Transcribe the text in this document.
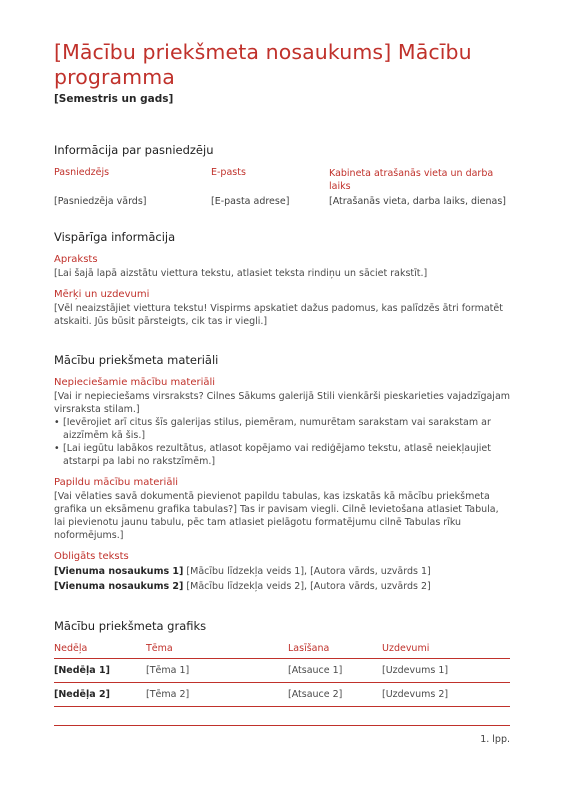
[Mācību priekšmeta nosaukums] Mācību programma
[Semestris un gads]
Informācija par pasniedzēju
Pasniedzējs	E-pasts	Kabineta atrašanās vieta un darba laiks
[Pasniedzēja vārds]	[E-pasta adrese]	[Atrašanās vieta, darba laiks, dienas]
Vispārīga informācija
Apraksts

[Lai šajā lapā aizstātu viettura tekstu, atlasiet teksta rindiņu un sāciet rakstīt.]

Mērķi un uzdevumi

[Vēl neaizstājiet viettura tekstu! Vispirms apskatiet dažus padomus, kas palīdzēs ātri formatēt atskaiti. Jūs būsit pārsteigts, cik tas ir viegli.]

Mācību priekšmeta materiāli
Nepieciešamie mācību materiāli

[Vai ir nepieciešams virsraksts? Cilnes Sākums galerijā Stili vienkārši pieskarieties vajadzīgajam virsraksta stilam.]

• [Ievērojiet arī citus šīs galerijas stilus, piemēram, numurētam sarakstam vai sarakstam ar aizzīmēm kā šis.]
• [Lai iegūtu labākos rezultātus, atlasot kopējamo vai rediģējamo tekstu, atlasē neiekļaujiet atstarpi pa labi no rakstzīmēm.]
Papildu mācību materiāli

[Vai vēlaties savā dokumentā pievienot papildu tabulas, kas izskatās kā mācību priekšmeta grafika un eksāmenu grafika tabulas?] Tas ir pavisam viegli. Cilnē Ievietošana atlasiet Tabula, lai pievienotu jaunu tabulu, pēc tam atlasiet pielāgotu formatējumu cilnē Tabulas rīku noformējums.]

Obligāts teksts

[Vienuma nosaukums 1] [Mācību līdzekļa veids 1], [Autora vārds, uzvārds 1]

[Vienuma nosaukums 2] [Mācību līdzekļa veids 2], [Autora vārds, uzvārds 2]

Mācību priekšmeta grafiks
Nedēļa	Tēma	Lasīšana	Uzdevumi
[Nedēļa 1]	[Tēma 1]	[Atsauce 1]	[Uzdevums 1]
[Nedēļa 2]	[Tēma 2]	[Atsauce 2]	[Uzdevums 2]
1. lpp.
